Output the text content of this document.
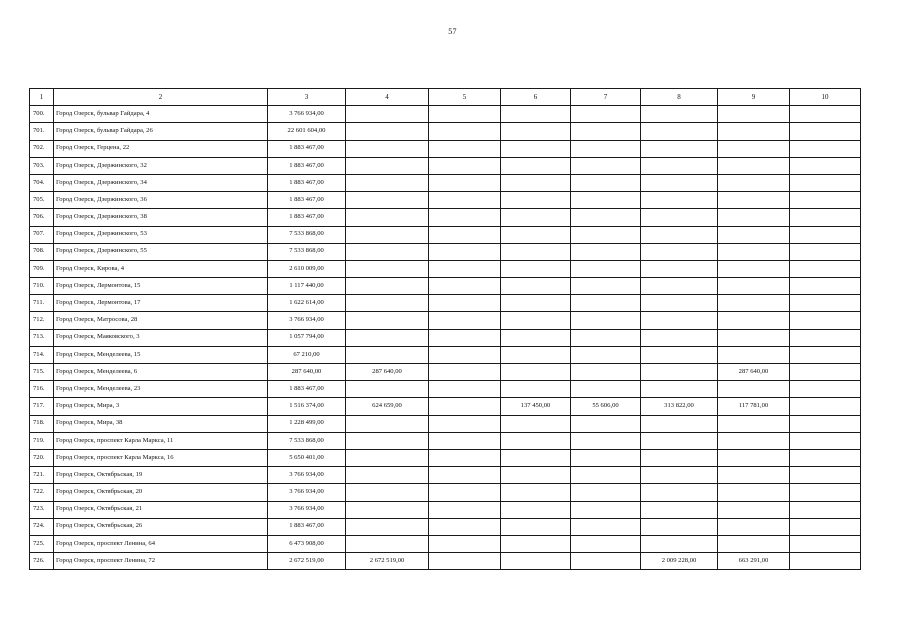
57
1	2	3	4	5	6	7	8	9	10
700.	Город Озерск, бульвар Гайдара, 4	3 766 934,00							
701.	Город Озерск, бульвар Гайдара, 26	22 601 604,00							
702.	Город Озерск, Герцена, 22	1 883 467,00							
703.	Город Озерск, Дзержинского, 32	1 883 467,00							
704.	Город Озерск, Дзержинского, 34	1 883 467,00							
705.	Город Озерск, Дзержинского, 36	1 883 467,00							
706.	Город Озерск, Дзержинского, 38	1 883 467,00							
707.	Город Озерск, Дзержинского, 53	7 533 868,00							
708.	Город Озерск, Дзержинского, 55	7 533 868,00							
709.	Город Озерск, Кирова, 4	2 610 009,00							
710.	Город Озерск, Лермонтова, 15	1 117 440,00							
711.	Город Озерск, Лермонтова, 17	1 622 614,00							
712.	Город Озерск, Матросова, 28	3 766 934,00							
713.	Город Озерск, Маяковского, 3	1 057 794,00							
714.	Город Озерск, Менделеева, 15	67 210,00							
715.	Город Озерск, Менделеева, 6	287 640,00	287 640,00					287 640,00	
716.	Город Озерск, Менделеева, 23	1 883 467,00							
717.	Город Озерск, Мира, 3	1 516 374,00	624 659,00		137 450,00	55 606,00	313 822,00	117 781,00	
718.	Город Озерск, Мира, 38	1 228 499,00							
719.	Город Озерск, проспект Карла Маркса, 11	7 533 868,00							
720.	Город Озерск, проспект Карла Маркса, 16	5 650 401,00							
721.	Город Озерск, Октябрьская, 19	3 766 934,00							
722.	Город Озерск, Октябрьская, 20	3 766 934,00							
723.	Город Озерск, Октябрьская, 21	3 766 934,00							
724.	Город Озерск, Октябрьская, 26	1 883 467,00							
725.	Город Озерск, проспект Ленина, 64	6 473 908,00							
726.	Город Озерск, проспект Ленина, 72	2 672 519,00	2 672 519,00				2 009 228,00	663 291,00	
